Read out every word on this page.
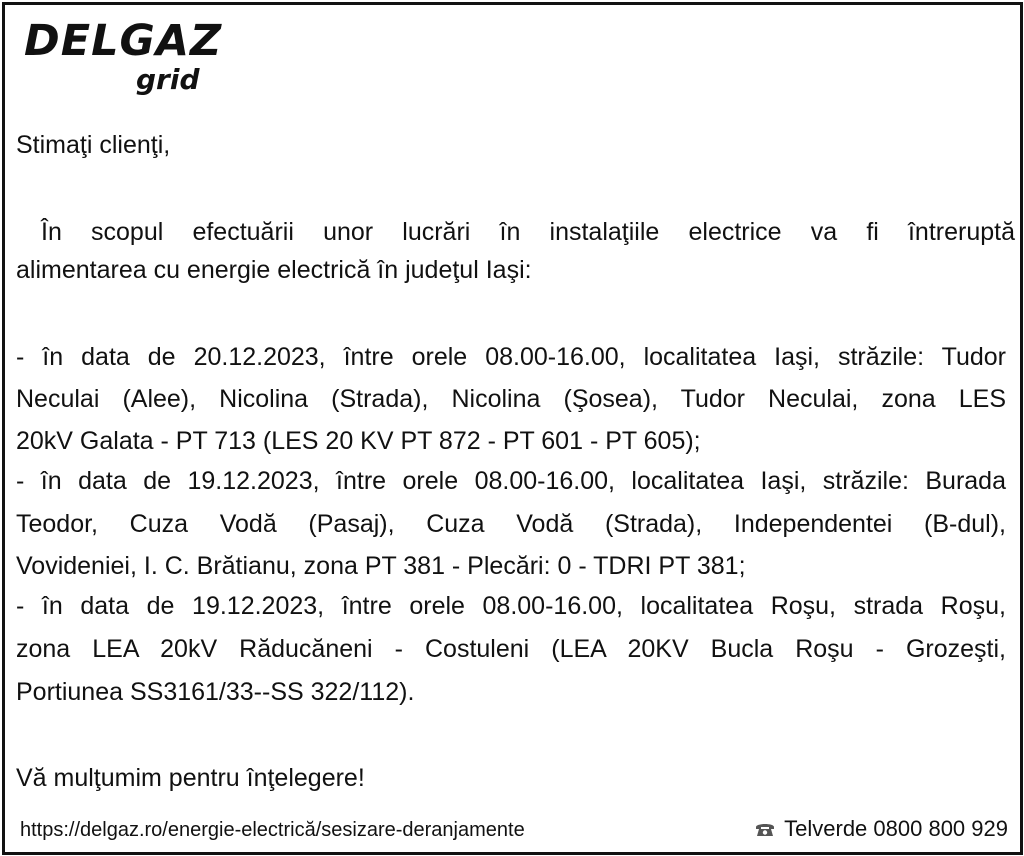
DELGAZ
grid

Stimaţi clienţi,

În scopul efectuării unor lucrări în instalaţiile electrice va fi întreruptă

alimentarea cu energie electrică în judeţul Iaşi:

- în data de 20.12.2023, între orele 08.00-16.00, localitatea Iaşi, străzile: Tudor

Neculai (Alee), Nicolina (Strada), Nicolina (Şosea), Tudor Neculai, zona LES

20kV Galata - PT 713 (LES 20 KV PT 872 - PT 601 - PT 605);

- în data de 19.12.2023, între orele 08.00-16.00, localitatea Iaşi, străzile: Burada

Teodor, Cuza Vodă (Pasaj), Cuza Vodă (Strada), Independentei (B-dul),

Vovideniei, I. C. Brătianu, zona PT 381 - Plecări: 0 - TDRI PT 381;

- în data de 19.12.2023, între orele 08.00-16.00, localitatea Roşu, strada Roşu,

zona LEA 20kV Răducăneni - Costuleni (LEA 20KV Bucla Roşu - Grozeşti,

Portiunea SS3161/33--SS 322/112).

Vă mulţumim pentru înţelegere!

https://delgaz.ro/energie-electrică/sesizare-deranjamente	Telverde 0800 800 929
